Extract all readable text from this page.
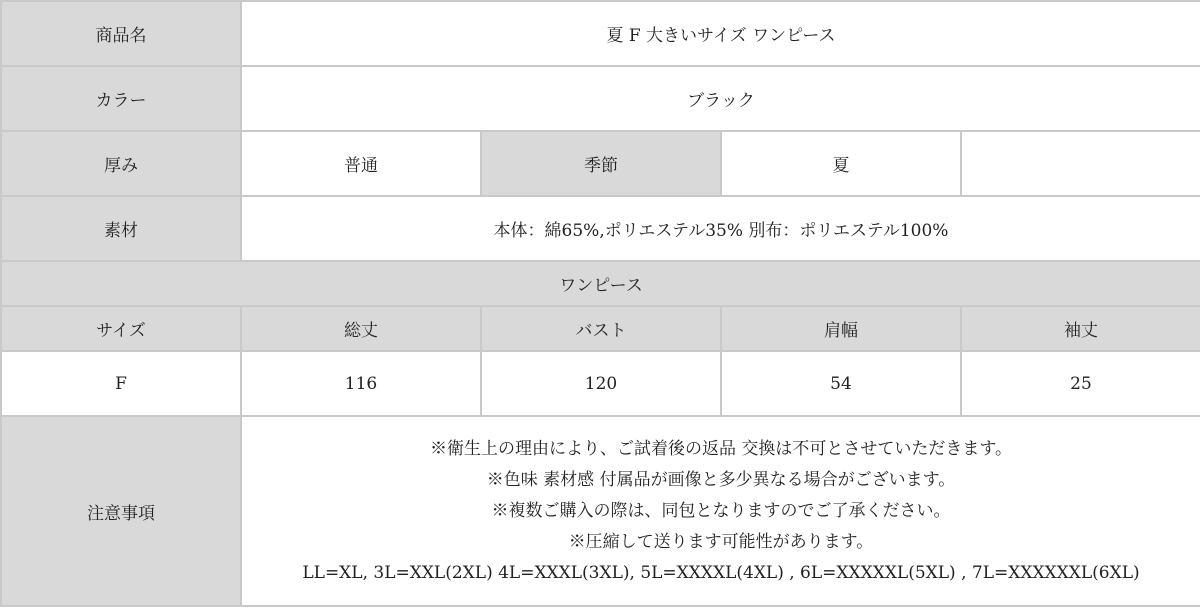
商品名	夏 F 大きいサイズ ワンピース			
カラー	ブラック			
厚み	普通	季節	夏	
素材	本体：綿65%,ポリエステル35% 別布：ポリエステル100%			
ワンピース				
サイズ	総丈	バスト	肩幅	袖丈
F	116	120	54	25
注意事項	※衛生上の理由により、ご試着後の返品 交換は不可とさせていただきます。
※色味 素材感 付属品が画像と多少異なる場合がございます。
※複数ご購入の際は、同包となりますのでご了承ください。
※圧縮して送ります可能性があります。
LL=XL, 3L=XXL(2XL) 4L=XXXL(3XL), 5L=XXXXL(4XL) , 6L=XXXXXL(5XL) , 7L=XXXXXXL(6XL)			
